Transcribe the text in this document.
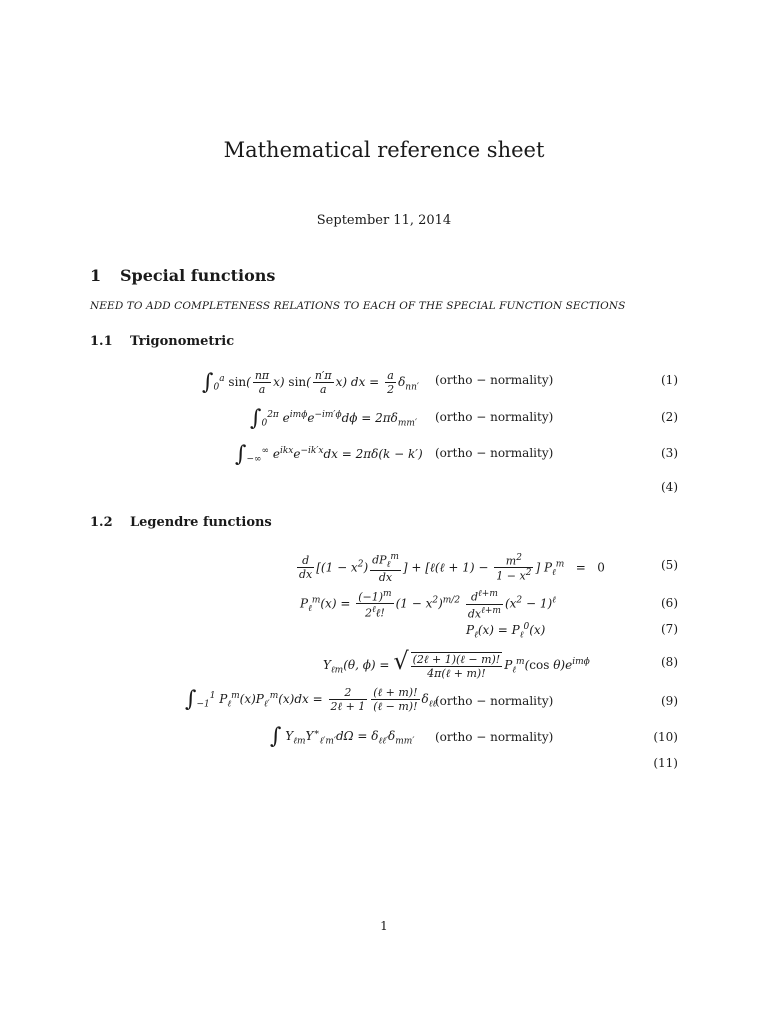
Mathematical reference sheet
September 11, 2014
1 Special functions
NEED TO ADD COMPLETENESS RELATIONS TO EACH OF THE SPECIAL FUNCTION SECTIONS
1.1 Trigonometric
$\int_0^a$ $\sin( \frac{n\pi}{a} x)$ $\sin( \frac{n'\pi}{a} x)$ dx = $\frac{a}{2} \delta_{nn'}$
(ortho − normality)	(1)
$\int_0^{2\pi}$ $e^{im\phi}e^{-im'\phi}d\phi = 2\pi\delta_{mm'}$ (ortho − normality)	(2)
$\int_{-\infty}^\infty$ $e^{ikx}e^{-ik'x}dx = 2\pi\delta(k - k')$ (ortho − normality)	(3)
(4)
1.2 Legendre functions
$\frac{d}{dx} [(1 - x^2) \frac{dP_\ell^m}{dx}$ ] + [ℓ(ℓ + $1) - \frac{m^2}{1 - x^2}$ ] $P_\ell^m = 0$	(5)
$P_\ell^m(x) = \frac{(-1)^m}{2^\ell\ell!} (1 - x^2)^{m/2} \frac{d^{\ell+m}}{dx^{\ell+m}} (x^2 - 1)^\ell$	(6)
$P_\ell(x) = P_\ell^0(x)$	(7)
$Y_{\ell m}(\theta$, ϕ) = √ $\frac{\text{(2ℓ + 1)(ℓ − m)!}}{\text{4π(ℓ + m)!}} P_\ell^m(\cos$ $\theta)e^{im\phi}$	(8)
$\int_{-1}^1$ $P_\ell^m(x)P_{\ell'}^m(x)dx = \frac{2}{\text{2ℓ + 1}} \frac{\text{(ℓ + m)!}}{\text{(ℓ − m)!}} \delta_{\ell\ell'}$
(ortho − normality)	(9)
∫ $Y_{\ell m}Y^∗_{\ell'm'}d\Omega = \delta_{\ell\ell'}\delta_{mm'}$ (ortho − normality)	(10)
(11)
1
